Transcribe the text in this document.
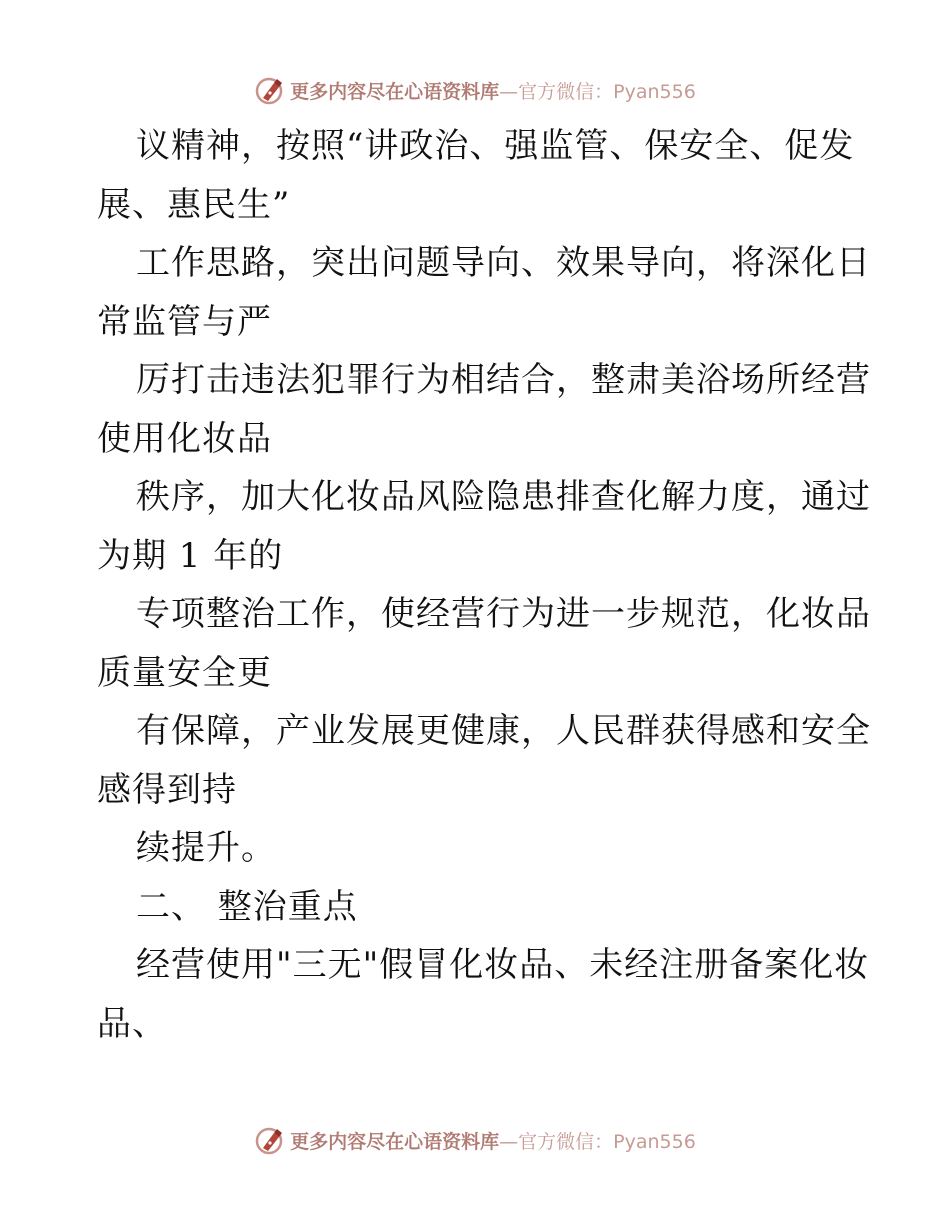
更多内容尽在心语资料库—官方微信：Pyan556
议精神，按照“讲政治、强监管、保安全、促发
展、惠民生”
工作思路，突出问题导向、效果导向，将深化日
常监管与严
厉打击违法犯罪行为相结合，整肃美浴场所经营
使用化妆品
秩序，加大化妆品风险隐患排查化解力度，通过
为期 1 年的
专项整治工作，使经营行为进一步规范，化妆品
质量安全更
有保障，产业发展更健康，人民群获得感和安全
感得到持
续提升。
二、 整治重点
经营使用"三无"假冒化妆品、未经注册备案化妆
品、
更多内容尽在心语资料库—官方微信：Pyan556
